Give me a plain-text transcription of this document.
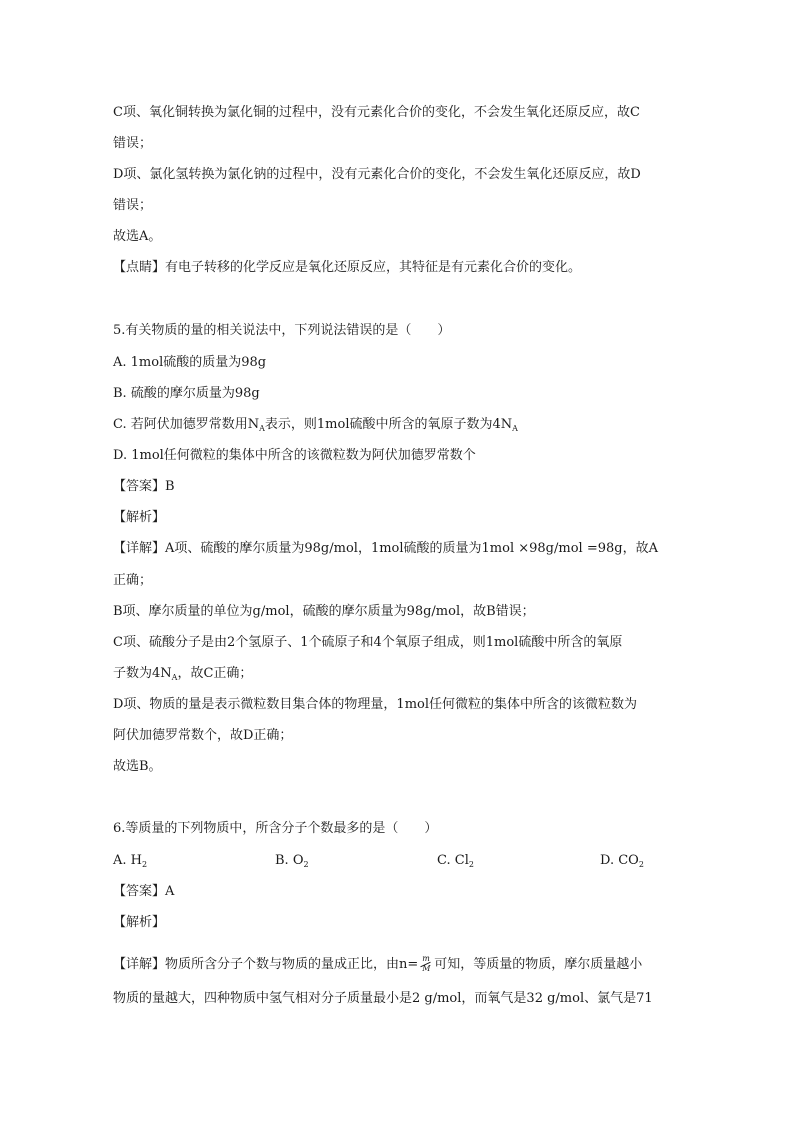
C项、氧化铜转换为氯化铜的过程中，没有元素化合价的变化，不会发生氧化还原反应，故C
错误；
D项、氯化氢转换为氯化钠的过程中，没有元素化合价的变化，不会发生氧化还原反应，故D
错误；
故选A。
【点睛】有电子转移的化学反应是氧化还原反应，其特征是有元素化合价的变化。
5.有关物质的量的相关说法中，下列说法错误的是（　　）
A. 1mol硫酸的质量为98g
B. 硫酸的摩尔质量为98g
C. 若阿伏加德罗常数用$N_A$表示，则1mol硫酸中所含的氧原子数为$4N_A$
D. 1mol任何微粒的集体中所含的该微粒数为阿伏加德罗常数个
【答案】B
【解析】
【详解】A项、硫酸的摩尔质量为98g/mol，1mol硫酸的质量为1mol ×98g/mol =98g，故A
正确；
B项、摩尔质量的单位为g/mol，硫酸的摩尔质量为98g/mol，故B错误；
C项、硫酸分子是由2个氢原子、1个硫原子和4个氧原子组成，则1mol硫酸中所含的氧原
子数为$4N_A$，故C正确；
D项、物质的量是表示微粒数目集合体的物理量，1mol任何微粒的集体中所含的该微粒数为
阿伏加德罗常数个，故D正确；
故选B。
6.等质量的下列物质中，所含分子个数最多的是（　　）
A. $H_2$	B. $O_2$	C. $Cl_2$	D. $CO_2$
【答案】A
【解析】
【详解】物质所含分子个数与物质的量成正比，由n= m
M 可知，等质量的物质，摩尔质量越小
物质的量越大，四种物质中氢气相对分子质量最小是2 g/mol，而氧气是32 g/mol、氯气是71
